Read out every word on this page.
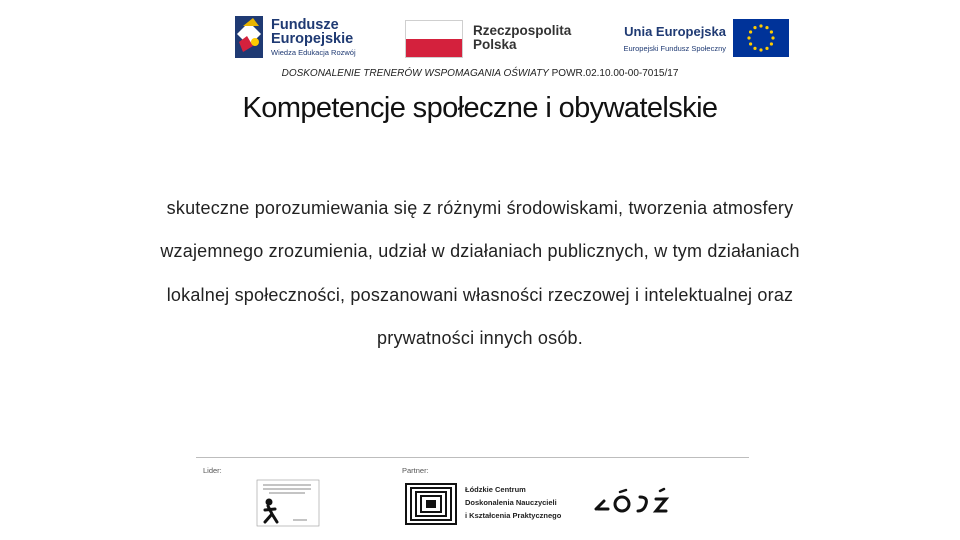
Fundusze
Europejskie
Wiedza Edukacja Rozwój
Rzeczpospolita
Polska
Unia Europejska
Europejski Fundusz Społeczny
DOSKONALENIE TRENERÓW WSPOMAGANIA OŚWIATY POWR.02.10.00-00-7015/17
Kompetencje społeczne i obywatelskie
skuteczne porozumiewania się z różnymi środowiskami, tworzenia atmosfery
wzajemnego zrozumienia, udział w działaniach publicznych, w tym działaniach
lokalnej społeczności, poszanowani własności rzeczowej i intelektualnej oraz
prywatności innych osób.
Lider:	Partner:
Łódzkie Centrum
Doskonalenia Nauczycieli
i Kształcenia Praktycznego
